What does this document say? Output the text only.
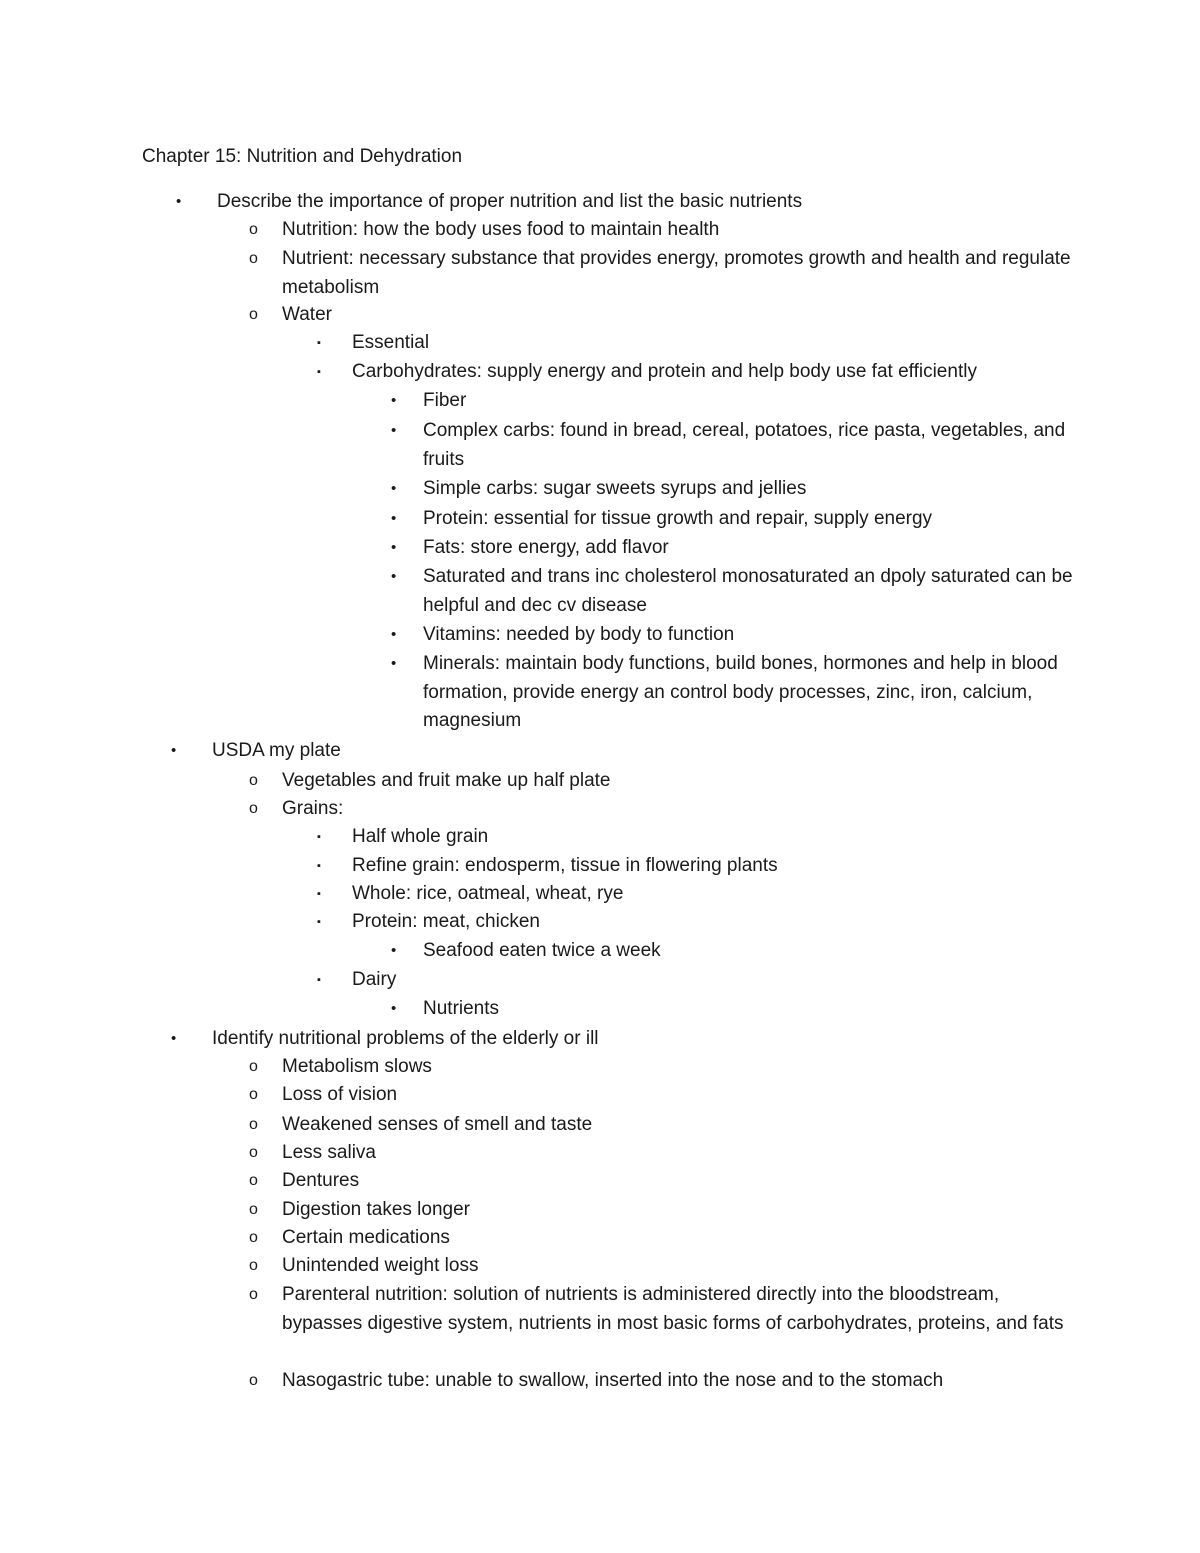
Chapter 15: Nutrition and Dehydration
• Describe the importance of proper nutrition and list the basic nutrients
o Nutrition: how the body uses food to maintain health
o Nutrient: necessary substance that provides energy, promotes growth and health and regulate metabolism
o Water
▪ Essential
▪ Carbohydrates: supply energy and protein and help body use fat efficiently
• Fiber
• Complex carbs: found in bread, cereal, potatoes, rice pasta, vegetables, and fruits
• Simple carbs: sugar sweets syrups and jellies
• Protein: essential for tissue growth and repair, supply energy
• Fats: store energy, add flavor
• Saturated and trans inc cholesterol monosaturated an dpoly saturated can be helpful and dec cv disease
• Vitamins: needed by body to function
• Minerals: maintain body functions, build bones, hormones and help in blood formation, provide energy an control body processes, zinc, iron, calcium, magnesium
• USDA my plate
o Vegetables and fruit make up half plate
o Grains:
▪ Half whole grain
▪ Refine grain: endosperm, tissue in flowering plants
▪ Whole: rice, oatmeal, wheat, rye
▪ Protein: meat, chicken
• Seafood eaten twice a week
▪ Dairy
• Nutrients
• Identify nutritional problems of the elderly or ill
o Metabolism slows
o Loss of vision
o Weakened senses of smell and taste
o Less saliva
o Dentures
o Digestion takes longer
o Certain medications
o Unintended weight loss
o Parenteral nutrition: solution of nutrients is administered directly into the bloodstream, bypasses digestive system, nutrients in most basic forms of carbohydrates, proteins, and fats
o Nasogastric tube: unable to swallow, inserted into the nose and to the stomach
